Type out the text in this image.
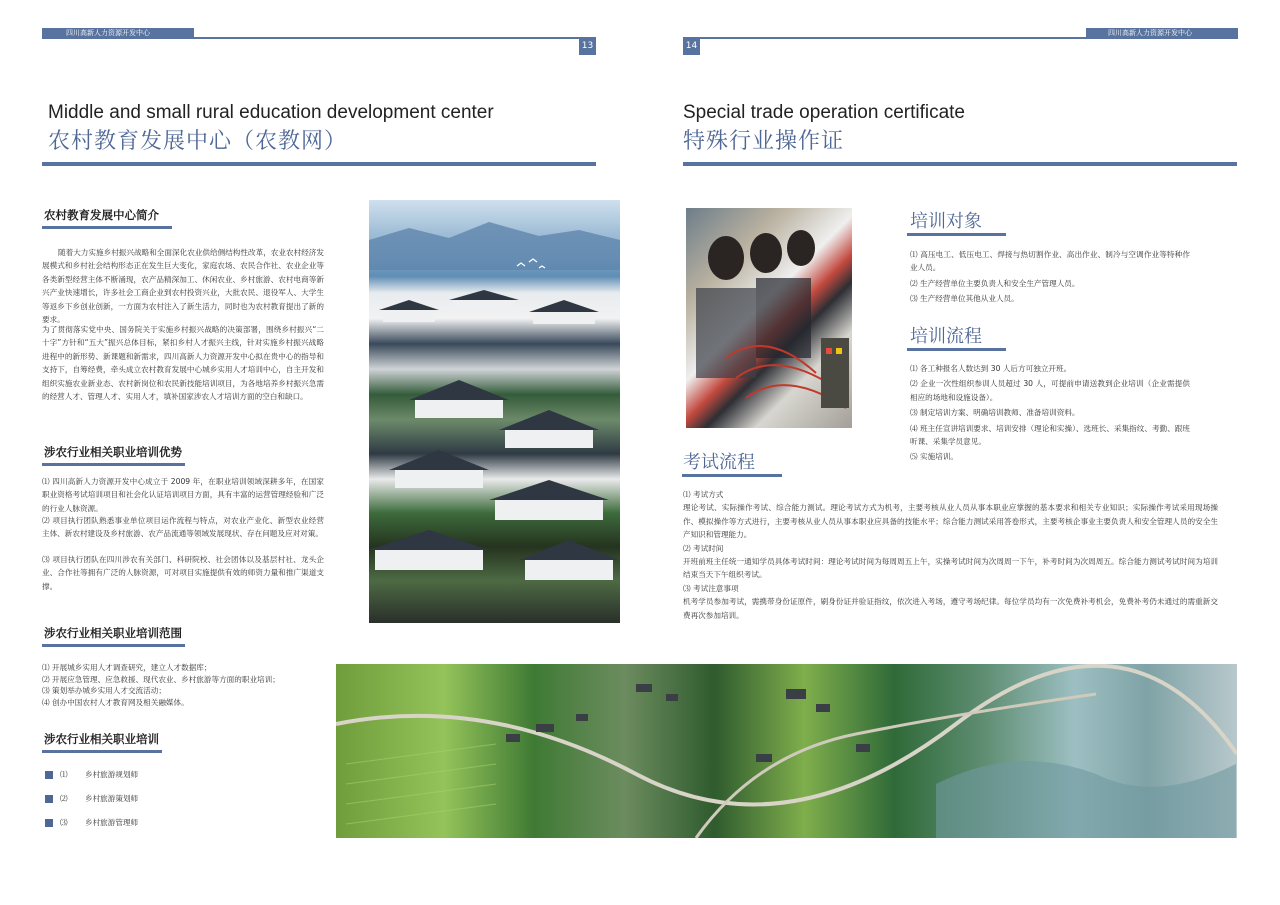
四川高新人力资源开发中心
13
四川高新人力资源开发中心
14
Middle and small rural education development center
农村教育发展中心（农教网）
农村教育发展中心简介
随着大力实施乡村振兴战略和全面深化农业供给侧结构性改革，农业农村经济发展模式和乡村社会结构形态正在发生巨大变化，家庭农场、农民合作社、农业企业等各类新型经营主体不断涌现，农产品精深加工、休闲农业、乡村旅游、农村电商等新兴产业快速增长，许多社会工商企业到农村投资兴业，大批农民、退役军人、大学生等返乡下乡创业创新，一方面为农村注入了新生活力，同时也为农村教育提出了新的要求。
为了贯彻落实党中央、国务院关于实施乡村振兴战略的决策部署，围绕乡村振兴“二十字”方针和“五大”振兴总体目标，紧扣乡村人才振兴主线，针对实施乡村振兴战略进程中的新形势、新课题和新需求，四川高新人力资源开发中心拟在贵中心的指导和支持下，自筹经费，牵头成立农村教育发展中心城乡实用人才培训中心，自主开发和组织实施农业新业态、农村新岗位和农民新技能培训项目，为各地培养乡村振兴急需的经营人才、管理人才、实用人才，填补国家涉农人才培训方面的空白和缺口。
涉农行业相关职业培训优势
⑴ 四川高新人力资源开发中心成立于 2009 年，在职业培训领域深耕多年，在国家职业资格考试培训项目和社会化认证培训项目方面，具有丰富的运营管理经验和广泛的行业人脉资源。
⑵ 项目执行团队熟悉事业单位项目运作流程与特点，对农业产业化、新型农业经营主体、新农村建设及乡村旅游、农产品流通等领域发展现状、存在问题及应对对策。
⑶ 项目执行团队在四川涉农有关部门、科研院校、社会团体以及基层村社、龙头企业、合作社等拥有广泛的人脉资源，可对项目实施提供有效的师资力量和推广渠道支撑。
涉农行业相关职业培训范围
⑴ 开展城乡实用人才调查研究，建立人才数据库；
⑵ 开展应急管理、应急救援、现代农业、乡村旅游等方面的职业培训；
⑶ 策划举办城乡实用人才交流活动；
⑷ 创办中国农村人才教育网及相关融媒体。
涉农行业相关职业培训
⑴ 乡村旅游规划师
⑵ 乡村旅游策划师
⑶ 乡村旅游管理师
Special trade operation certificate
特殊行业操作证
培训对象
⑴ 高压电工、低压电工、焊接与热切割作业、高出作业、制冷与空调作业等特种作业人员。
⑵ 生产经营单位主要负责人和安全生产管理人员。
⑶ 生产经营单位其他从业人员。
培训流程
⑴ 各工种报名人数达到 30 人后方可独立开班。
⑵ 企业一次性组织参训人员超过 30 人，可提前申请送教到企业培训（企业需提供相应的场地和设施设备）。
⑶ 制定培训方案、明确培训教师、准备培训资料。
⑷ 班主任宣讲培训要求、培训安排（理论和实操）、选班长、采集指纹、考勤、跟班听课、采集学员意见。
⑸ 实施培训。
考试流程
⑴ 考试方式
理论考试、实际操作考试、综合能力测试。理论考试方式为机考，主要考核从业人员从事本职业应掌握的基本要求和相关专业知识；实际操作考试采用现场操作、模拟操作等方式进行，主要考核从业人员从事本职业应具备的技能水平；综合能力测试采用答卷形式，主要考核企事业主要负责人和安全管理人员的安全生产知识和管理能力。
⑵ 考试时间
开班前班主任统一通知学员具体考试时间：理论考试时间为每周周五上午，实操考试时间为次周周一下午，补考时间为次周周五。综合能力测试考试时间为培训结束当天下午组织考试。
⑶ 考试注意事项
机考学员参加考试，需携带身份证原件，刷身份证并验证指纹，依次进入考场，遵守考场纪律。每位学员均有一次免费补考机会，免费补考仍未通过的需重新交费再次参加培训。
